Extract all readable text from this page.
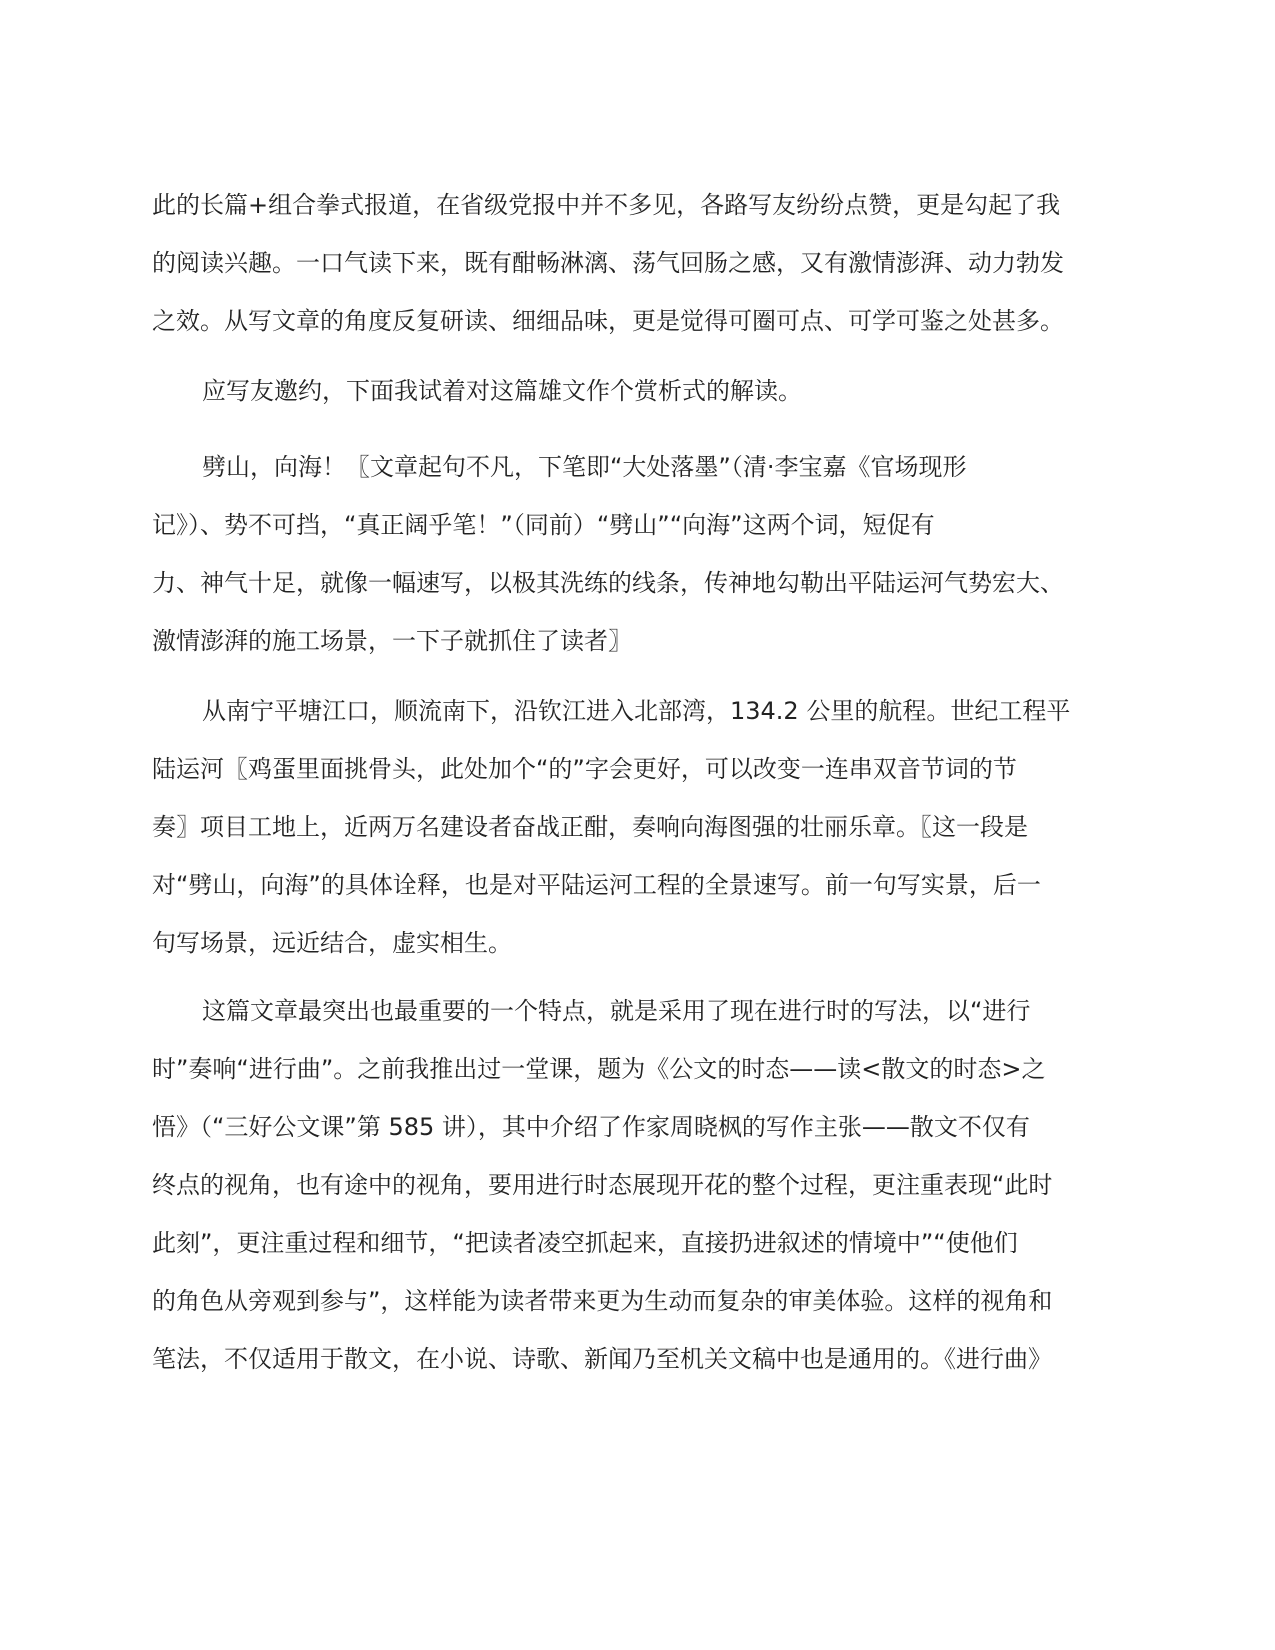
此的长篇+组合拳式报道，在省级党报中并不多见，各路写友纷纷点赞，更是勾起了我
的阅读兴趣。一口气读下来，既有酣畅淋漓、荡气回肠之感，又有激情澎湃、动力勃发
之效。从写文章的角度反复研读、细细品味，更是觉得可圈可点、可学可鉴之处甚多。
应写友邀约，下面我试着对这篇雄文作个赏析式的解读。
劈山，向海！〖文章起句不凡，下笔即“大处落墨”（清·李宝嘉《官场现形
记》）、势不可挡，“真正阔乎笔！”（同前）“劈山”“向海”这两个词，短促有
力、神气十足，就像一幅速写，以极其洗练的线条，传神地勾勒出平陆运河气势宏大、
激情澎湃的施工场景，一下子就抓住了读者〗
从南宁平塘江口，顺流南下，沿钦江进入北部湾，134.2 公里的航程。世纪工程平
陆运河〖鸡蛋里面挑骨头，此处加个“的”字会更好，可以改变一连串双音节词的节
奏〗项目工地上，近两万名建设者奋战正酣，奏响向海图强的壮丽乐章。〖这一段是
对“劈山，向海”的具体诠释，也是对平陆运河工程的全景速写。前一句写实景，后一
句写场景，远近结合，虚实相生。
这篇文章最突出也最重要的一个特点，就是采用了现在进行时的写法，以“进行
时”奏响“进行曲”。之前我推出过一堂课，题为《公文的时态——读<散文的时态>之
悟》（“三好公文课”第 585 讲），其中介绍了作家周晓枫的写作主张——散文不仅有
终点的视角，也有途中的视角，要用进行时态展现开花的整个过程，更注重表现“此时
此刻”，更注重过程和细节，“把读者凌空抓起来，直接扔进叙述的情境中”“使他们
的角色从旁观到参与”，这样能为读者带来更为生动而复杂的审美体验。这样的视角和
笔法，不仅适用于散文，在小说、诗歌、新闻乃至机关文稿中也是通用的。《进行曲》
